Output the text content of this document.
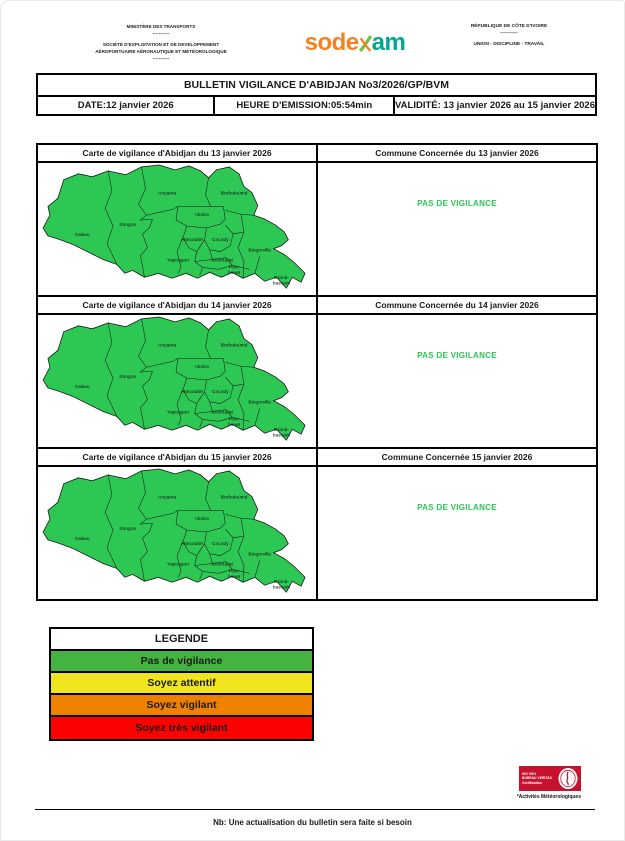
MINISTÈRE DES TRANSPORTS
-----------
SOCIÉTÉ D'EXPLOITATION ET DE DEVELOPPEMENT
AÉROPORTUAIRE AÉRONAUTIQUE ET MÉTÉOROLOGIQUE
-----------
sode am
RÉPUBLIQUE DE CÔTE D'IVOIRE
-----------
UNION - DISCIPLINE - TRAVAIL
BULLETIN VIGILANCE D'ABIDJAN No3/2026/GP/BVM
DATE:12 janvier 2026	HEURE D'EMISSION:05:54min	VALIDITÉ: 13 janvier 2026 au 15 janvier 2026
Carte de vigilance d'Abidjan du 13 janvier 2026	Commune Concernée du 13 janvier 2026
Dabou
Songon
Anyama	Brofodoumé
Abobo
Attecoubé Cocody
Yopougon	Koumassi
Port-
bouet
Bingerville
Grand-
bassam
PAS DE VIGILANCE
Carte de vigilance d'Abidjan du 14 janvier 2026	Commune Concernée du 14 janvier 2026
Dabou
Songon
Anyama	Brofodoumé
Abobo
Attecoubé Cocody
Yopougon	Koumassi
Port-
bouet
Bingerville
Grand-
bassam
PAS DE VIGILANCE
Carte de vigilance d'Abidjan du 15 janvier 2026	Commune Concernée 15 janvier 2026
Dabou
Songon
Anyama	Brofodoumé
Abobo
Attecoubé Cocody
Yopougon	Koumassi
Port-
bouet
Bingerville
Grand-
bassam
PAS DE VIGILANCE
LEGENDE
Pas de vigilance
Soyez attentif
Soyez vigilant
Soyez très vigilant
ISO 9001
BUREAU VERITAS
Certification
*Activités Météorologiques
Nb: Une actualisation du bulletin sera faite si besoin
